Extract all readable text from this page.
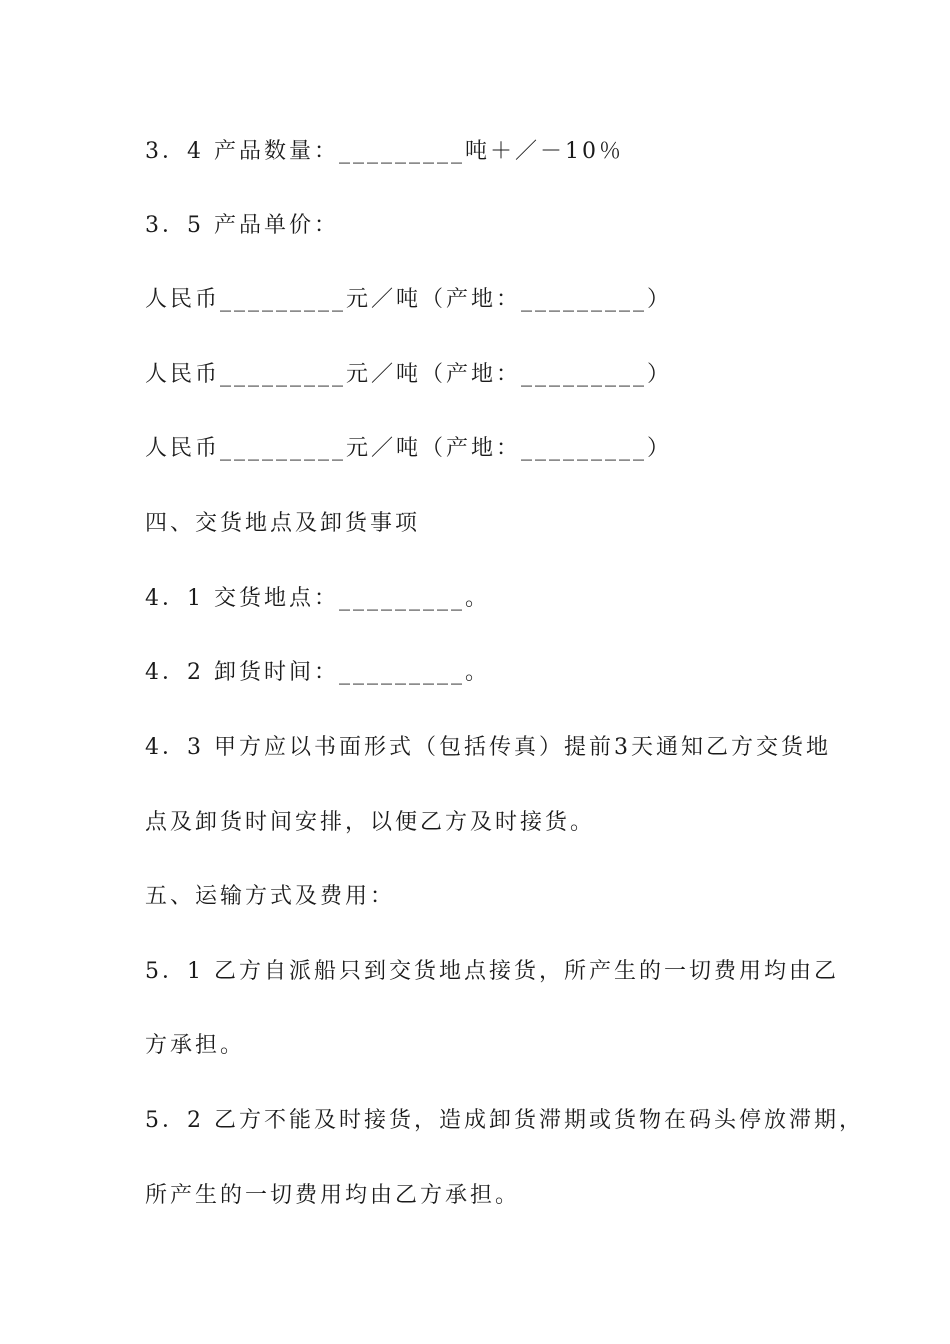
3．4 产品数量：_________吨＋／－10％

3．5 产品单价：

人民币_________元／吨（产地：_________）

人民币_________元／吨（产地：_________）

人民币_________元／吨（产地：_________）

四、交货地点及卸货事项

4．1 交货地点：_________。

4．2 卸货时间：_________。

4．3 甲方应以书面形式（包括传真）提前3天通知乙方交货地

点及卸货时间安排，以便乙方及时接货。

五、运输方式及费用：

5．1 乙方自派船只到交货地点接货，所产生的一切费用均由乙

方承担。

5．2 乙方不能及时接货，造成卸货滞期或货物在码头停放滞期，

所产生的一切费用均由乙方承担。
